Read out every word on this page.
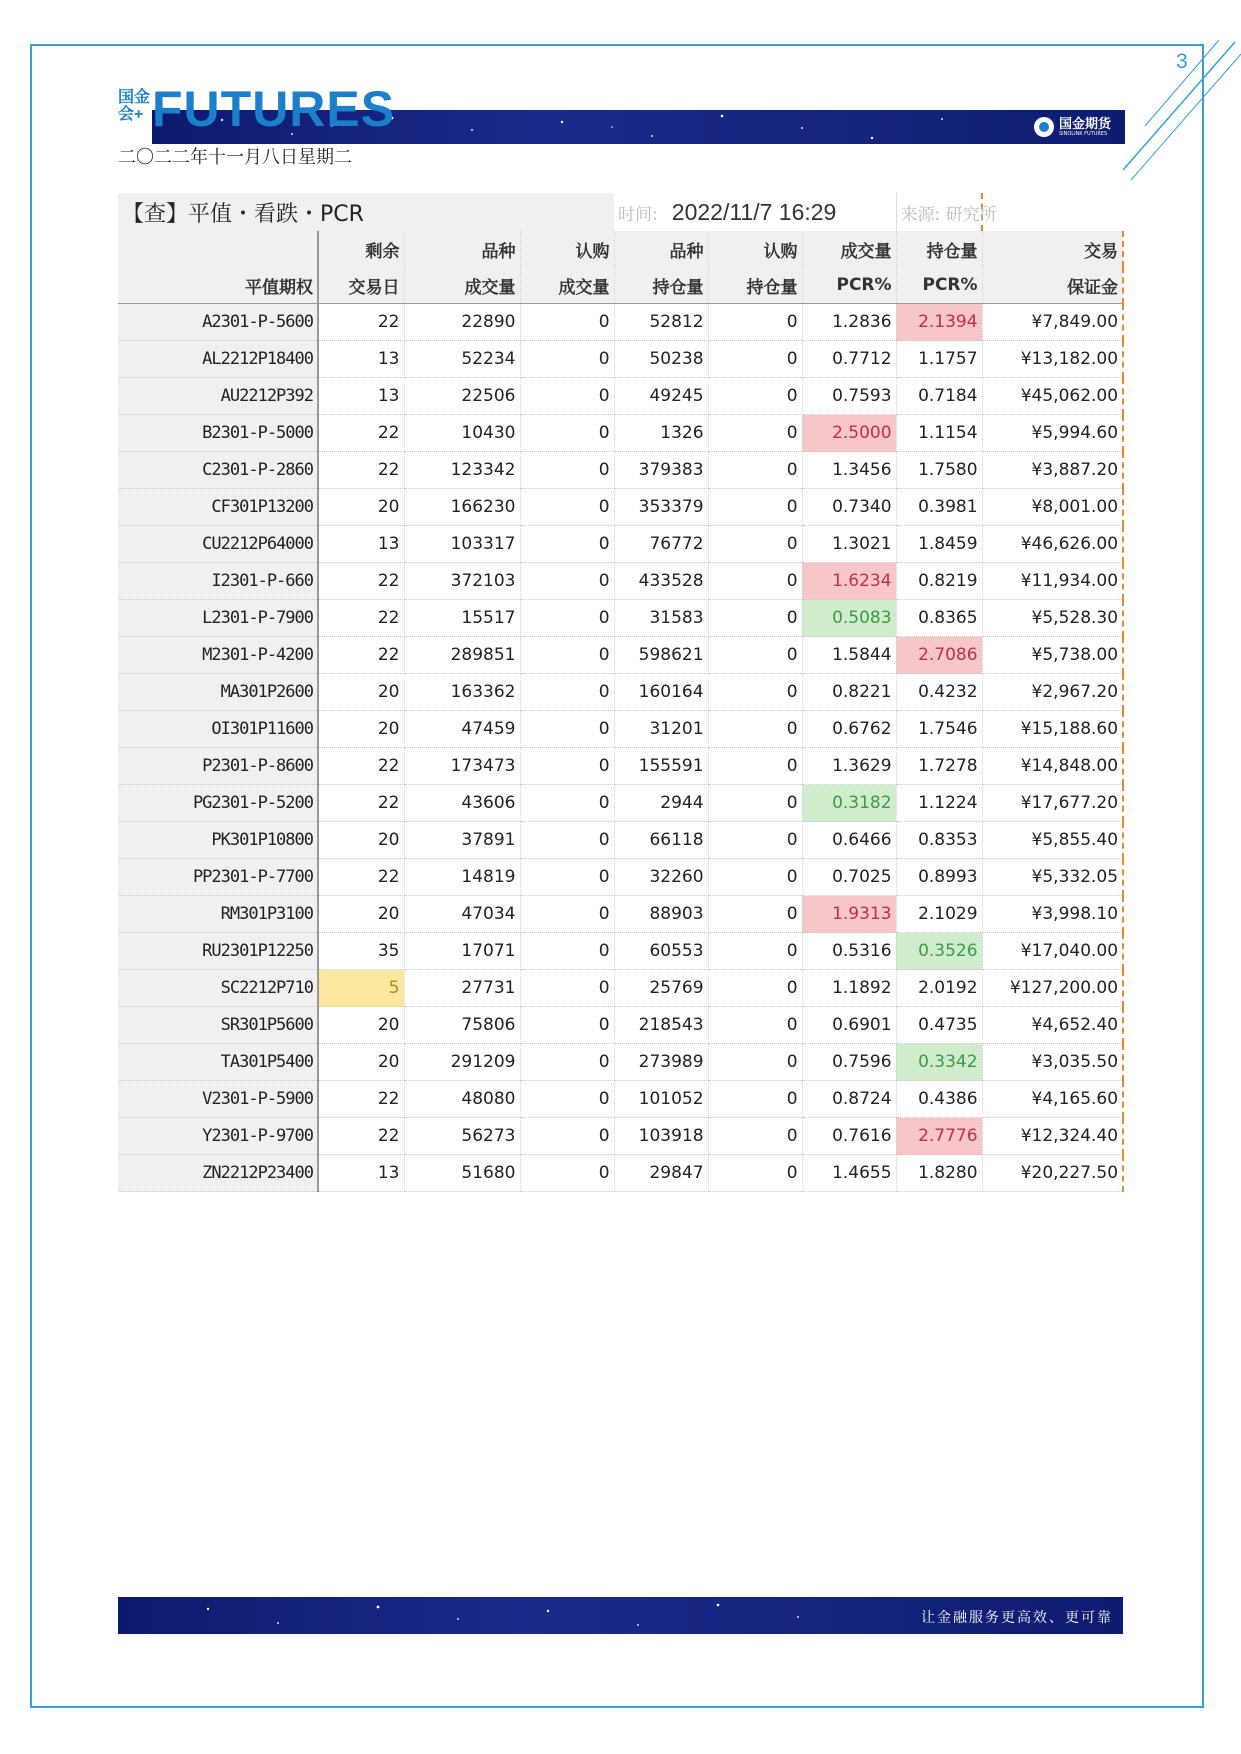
3
国金期货
SINOLINK FUTURES
国金会+ FUTURES
二〇二二年十一月八日星期二
【查】平值・看跌・PCR				时间: 2022/11/7 16:29			来源: 研究所	
	剩余	品种	认购	品种	认购	成交量	持仓量	交易
平值期权	交易日	成交量	成交量	持仓量	持仓量	PCR%	PCR%	保证金
A2301-P-5600	22	22890	0	52812	0	1.2836	2.1394	¥7,849.00
AL2212P18400	13	52234	0	50238	0	0.7712	1.1757	¥13,182.00
AU2212P392	13	22506	0	49245	0	0.7593	0.7184	¥45,062.00
B2301-P-5000	22	10430	0	1326	0	2.5000	1.1154	¥5,994.60
C2301-P-2860	22	123342	0	379383	0	1.3456	1.7580	¥3,887.20
CF301P13200	20	166230	0	353379	0	0.7340	0.3981	¥8,001.00
CU2212P64000	13	103317	0	76772	0	1.3021	1.8459	¥46,626.00
I2301-P-660	22	372103	0	433528	0	1.6234	0.8219	¥11,934.00
L2301-P-7900	22	15517	0	31583	0	0.5083	0.8365	¥5,528.30
M2301-P-4200	22	289851	0	598621	0	1.5844	2.7086	¥5,738.00
MA301P2600	20	163362	0	160164	0	0.8221	0.4232	¥2,967.20
OI301P11600	20	47459	0	31201	0	0.6762	1.7546	¥15,188.60
P2301-P-8600	22	173473	0	155591	0	1.3629	1.7278	¥14,848.00
PG2301-P-5200	22	43606	0	2944	0	0.3182	1.1224	¥17,677.20
PK301P10800	20	37891	0	66118	0	0.6466	0.8353	¥5,855.40
PP2301-P-7700	22	14819	0	32260	0	0.7025	0.8993	¥5,332.05
RM301P3100	20	47034	0	88903	0	1.9313	2.1029	¥3,998.10
RU2301P12250	35	17071	0	60553	0	0.5316	0.3526	¥17,040.00
SC2212P710	5	27731	0	25769	0	1.1892	2.0192	¥127,200.00
SR301P5600	20	75806	0	218543	0	0.6901	0.4735	¥4,652.40
TA301P5400	20	291209	0	273989	0	0.7596	0.3342	¥3,035.50
V2301-P-5900	22	48080	0	101052	0	0.8724	0.4386	¥4,165.60
Y2301-P-9700	22	56273	0	103918	0	0.7616	2.7776	¥12,324.40
ZN2212P23400	13	51680	0	29847	0	1.4655	1.8280	¥20,227.50
让金融服务更高效、更可靠
